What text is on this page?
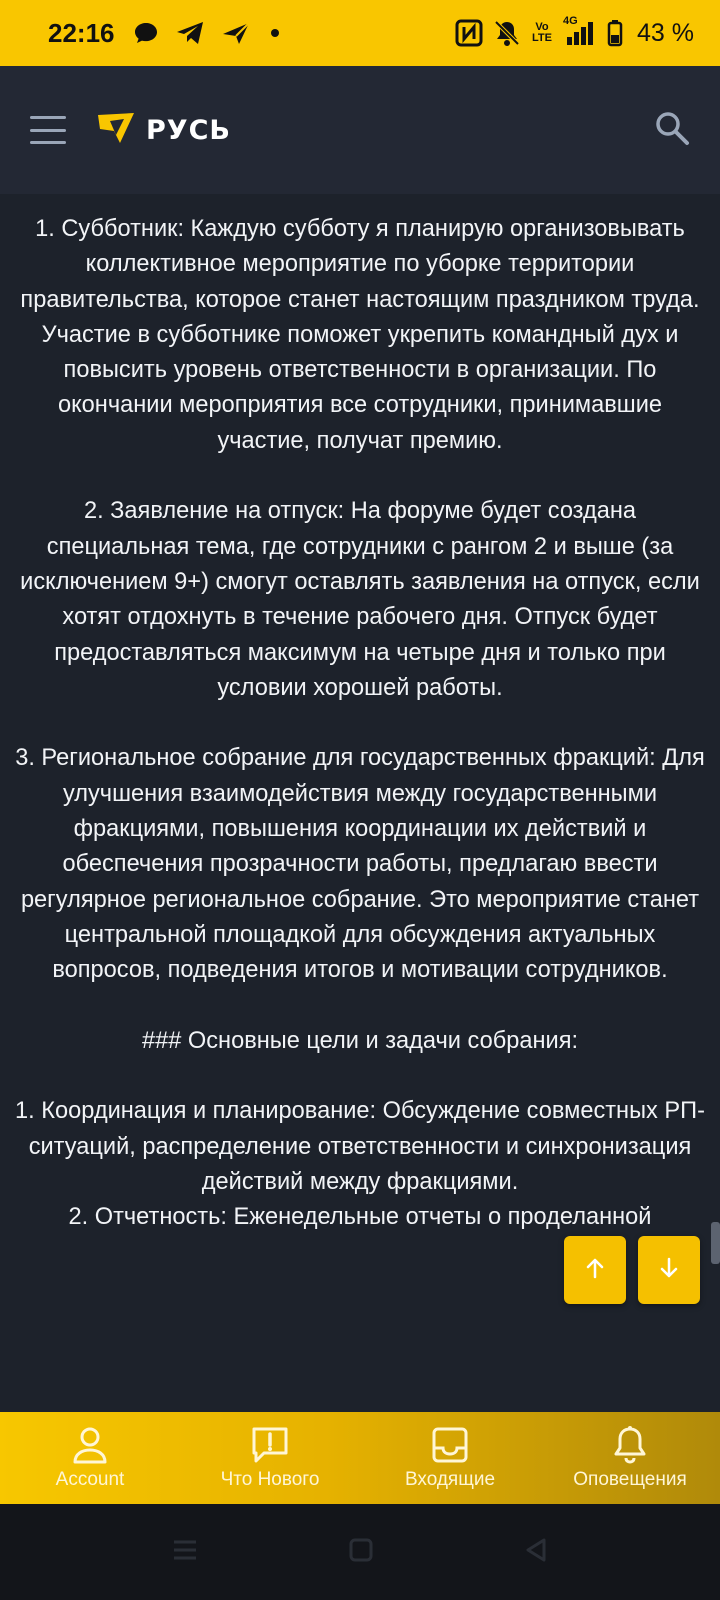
22:16	Vo LTE
4G 43 %
РУСЬ

1. Субботник: Каждую субботу я планирую организовывать коллективное мероприятие по уборке территории правительства, которое станет настоящим праздником труда. Участие в субботнике поможет укрепить командный дух и повысить уровень ответственности в организации. По окончании мероприятия все сотрудники, принимавшие участие, получат премию.

2. Заявление на отпуск: На форуме будет создана специальная тема, где сотрудники с рангом 2 и выше (за исключением 9+) смогут оставлять заявления на отпуск, если хотят отдохнуть в течение рабочего дня. Отпуск будет предоставляться максимум на четыре дня и только при условии хорошей работы.

3. Региональное собрание для государственных фракций: Для улучшения взаимодействия между государственными фракциями, повышения координации их действий и обеспечения прозрачности работы, предлагаю ввести регулярное региональное собрание. Это мероприятие станет центральной площадкой для обсуждения актуальных вопросов, подведения итогов и мотивации сотрудников.

### Основные цели и задачи собрания:

1. Координация и планирование: Обсуждение совместных РП-ситуаций, распределение ответственности и синхронизация действий между фракциями.

2. Отчетность: Еженедельные отчеты о проделанной

Account	Что Нового	Входящие	Оповещения
